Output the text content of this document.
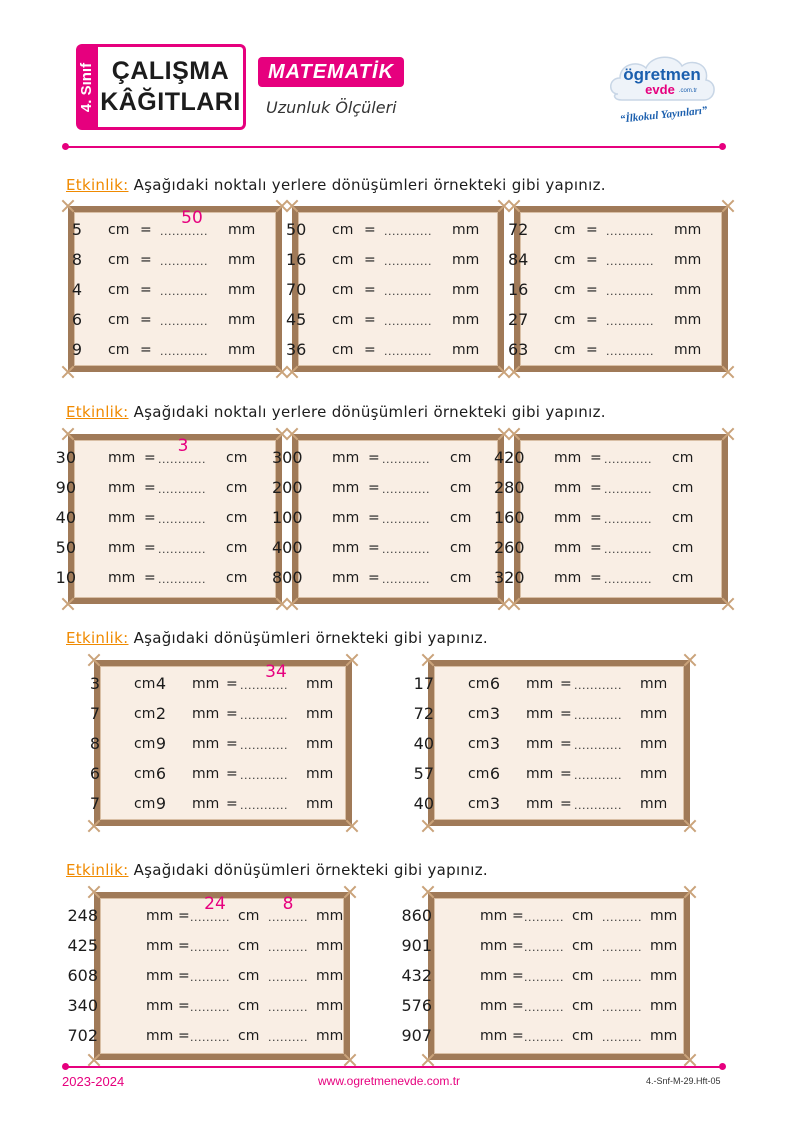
4. Sınıf ÇALIŞMA
KÂĞITLARI
MATEMATİK
Uzunluk Ölçüleri
ögretmen
evde .com.tr
“İlkokul Yayınları”
Etkinlik: Aşağıdaki noktalı yerlere dönüşümleri örnekteki gibi yapınız.
Etkinlik: Aşağıdaki noktalı yerlere dönüşümleri örnekteki gibi yapınız.
Etkinlik: Aşağıdaki dönüşümleri örnekteki gibi yapınız.
Etkinlik: Aşağıdaki dönüşümleri örnekteki gibi yapınız.
5 cm = ............ mm
50
8 cm = ............ mm
4 cm = ............ mm
6 cm = ............ mm
9 cm = ............ mm
50 cm = ............ mm
16 cm = ............ mm
70 cm = ............ mm
45 cm = ............ mm
36 cm = ............ mm
72 cm = ............ mm
84 cm = ............ mm
16 cm = ............ mm
27 cm = ............ mm
63 cm = ............ mm
30 mm = ............ cm
3
90 mm = ............ cm
40 mm = ............ cm
50 mm = ............ cm
10 mm = ............ cm
300 mm = ............ cm
200 mm = ............ cm
100 mm = ............ cm
400 mm = ............ cm
800 mm = ............ cm
420 mm = ............ cm
280 mm = ............ cm
160 mm = ............ cm
260 mm = ............ cm
320 mm = ............ cm
3 cm 4 mm = ............ mm
34
7 cm 2 mm = ............ mm
8 cm 9 mm = ............ mm
6 cm 6 mm = ............ mm
7 cm 9 mm = ............ mm
17 cm 6 mm = ............ mm
72 cm 3 mm = ............ mm
40 cm 3 mm = ............ mm
57 cm 6 mm = ............ mm
40 cm 3 mm = ............ mm
248	mm = .......... cm .......... mm
24	8
425	mm = .......... cm .......... mm
608	mm = .......... cm .......... mm
340	mm = .......... cm .......... mm
702	mm = .......... cm .......... mm
860	mm = .......... cm .......... mm
901	mm = .......... cm .......... mm
432	mm = .......... cm .......... mm
576	mm = .......... cm .......... mm
907	mm = .......... cm .......... mm
2023-2024	www.ogretmenevde.com.tr	4.-Snf-M-29.Hft-05
